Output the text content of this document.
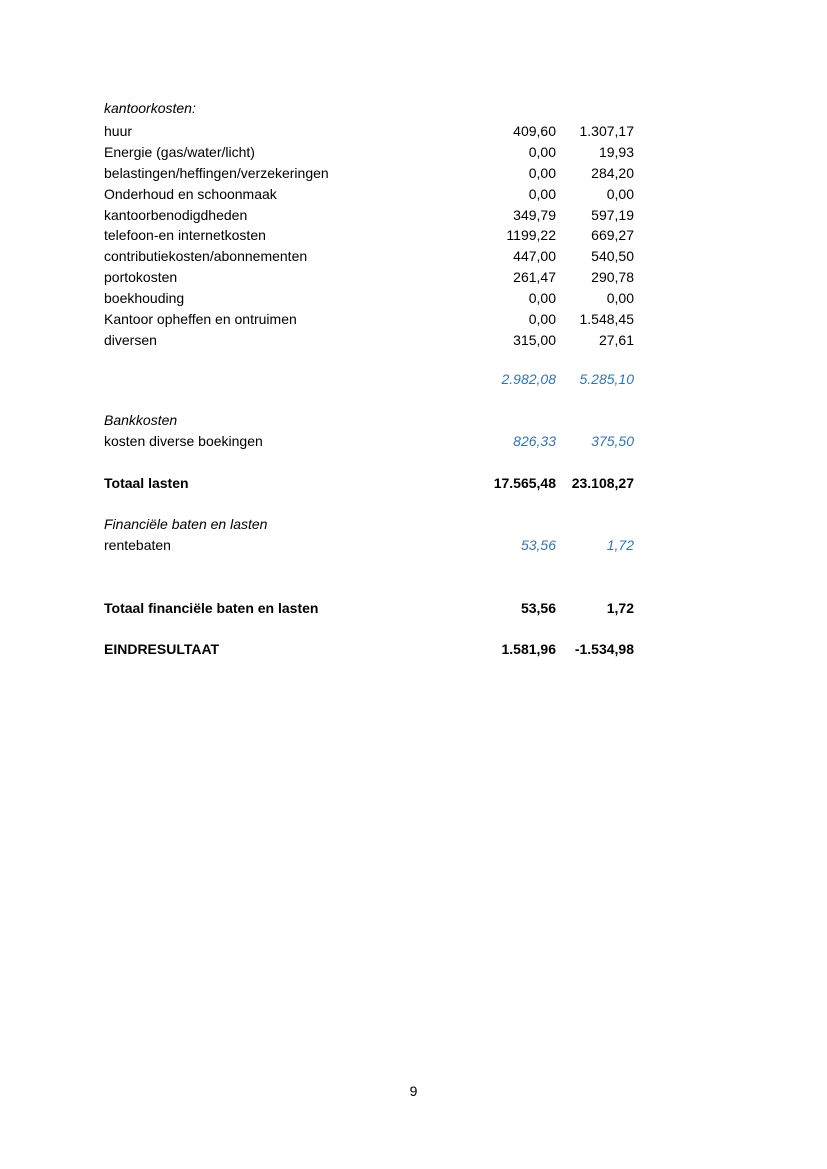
kantoorkosten:
huur	409,60 1.307,17
Energie (gas/water/licht)	0,00	19,93
belastingen/heffingen/verzekeringen	0,00	284,20
Onderhoud en schoonmaak	0,00	0,00
kantoorbenodigdheden	349,79	597,19
telefoon-en internetkosten	1199,22	669,27
contributiekosten/abonnementen	447,00	540,50
portokosten	261,47	290,78
boekhouding	0,00	0,00
Kantoor opheffen en ontruimen	0,00 1.548,45
diversen	315,00	27,61
2.982,08 5.285,10
Bankkosten
kosten diverse boekingen	826,33	375,50
Totaal lasten	17.565,48 23.108,27
Financiële baten en lasten
rentebaten	53,56	1,72
Totaal financiële baten en lasten	53,56	1,72
EINDRESULTAAT	1.581,96 -1.534,98
9
